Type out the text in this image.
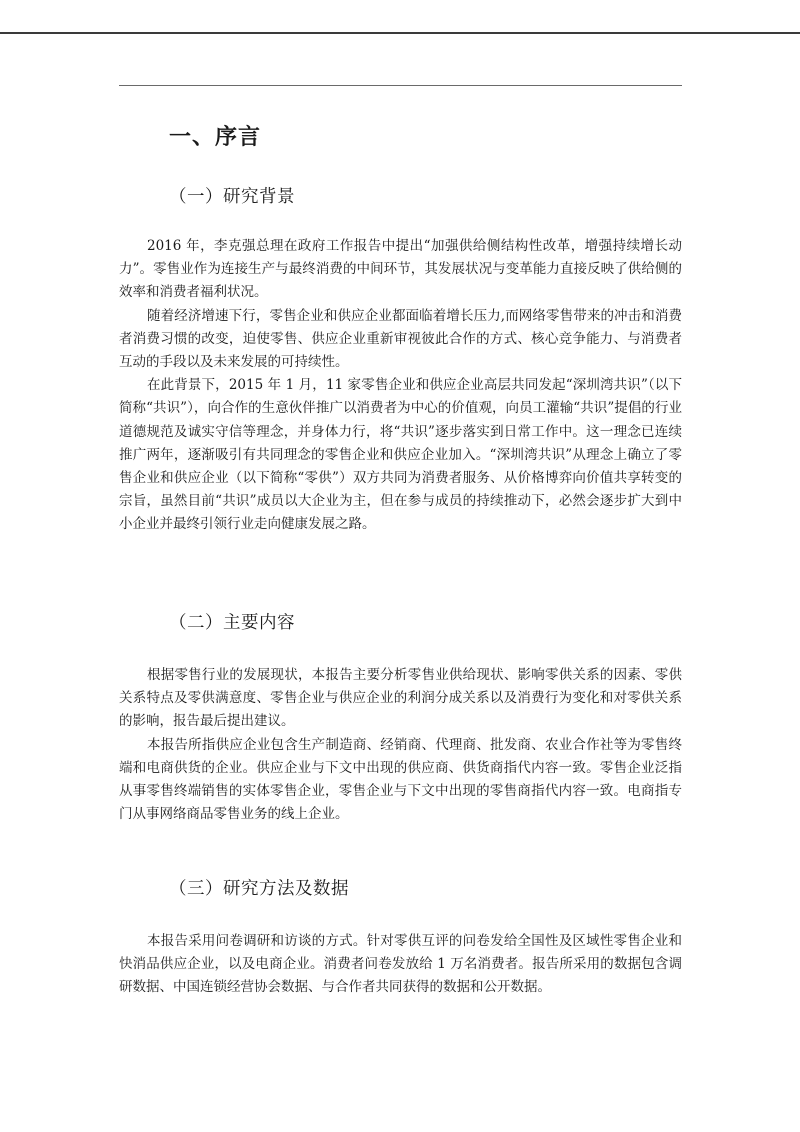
一、序言
（一）研究背景

2016 年，李克强总理在政府工作报告中提出“加强供给侧结构性改革，增强持续增长动力”。零售业作为连接生产与最终消费的中间环节，其发展状况与变革能力直接反映了供给侧的效率和消费者福利状况。

随着经济增速下行，零售企业和供应企业都面临着增长压力,而网络零售带来的冲击和消费者消费习惯的改变，迫使零售、供应企业重新审视彼此合作的方式、核心竞争能力、与消费者互动的手段以及未来发展的可持续性。

在此背景下，2015 年 1 月，11 家零售企业和供应企业高层共同发起“深圳湾共识”（以下简称“共识”），向合作的生意伙伴推广以消费者为中心的价值观，向员工灌输“共识”提倡的行业道德规范及诚实守信等理念，并身体力行，将“共识”逐步落实到日常工作中。这一理念已连续推广两年，逐渐吸引有共同理念的零售企业和供应企业加入。“深圳湾共识”从理念上确立了零售企业和供应企业（以下简称“零供”）双方共同为消费者服务、从价格博弈向价值共享转变的宗旨，虽然目前“共识”成员以大企业为主，但在参与成员的持续推动下，必然会逐步扩大到中小企业并最终引领行业走向健康发展之路。

（二）主要内容

根据零售行业的发展现状，本报告主要分析零售业供给现状、影响零供关系的因素、零供关系特点及零供满意度、零售企业与供应企业的利润分成关系以及消费行为变化和对零供关系的影响，报告最后提出建议。

本报告所指供应企业包含生产制造商、经销商、代理商、批发商、农业合作社等为零售终端和电商供货的企业。供应企业与下文中出现的供应商、供货商指代内容一致。零售企业泛指从事零售终端销售的实体零售企业，零售企业与下文中出现的零售商指代内容一致。电商指专门从事网络商品零售业务的线上企业。

（三）研究方法及数据

本报告采用问卷调研和访谈的方式。针对零供互评的问卷发给全国性及区域性零售企业和快消品供应企业，以及电商企业。消费者问卷发放给 1 万名消费者。报告所采用的数据包含调研数据、中国连锁经营协会数据、与合作者共同获得的数据和公开数据。
